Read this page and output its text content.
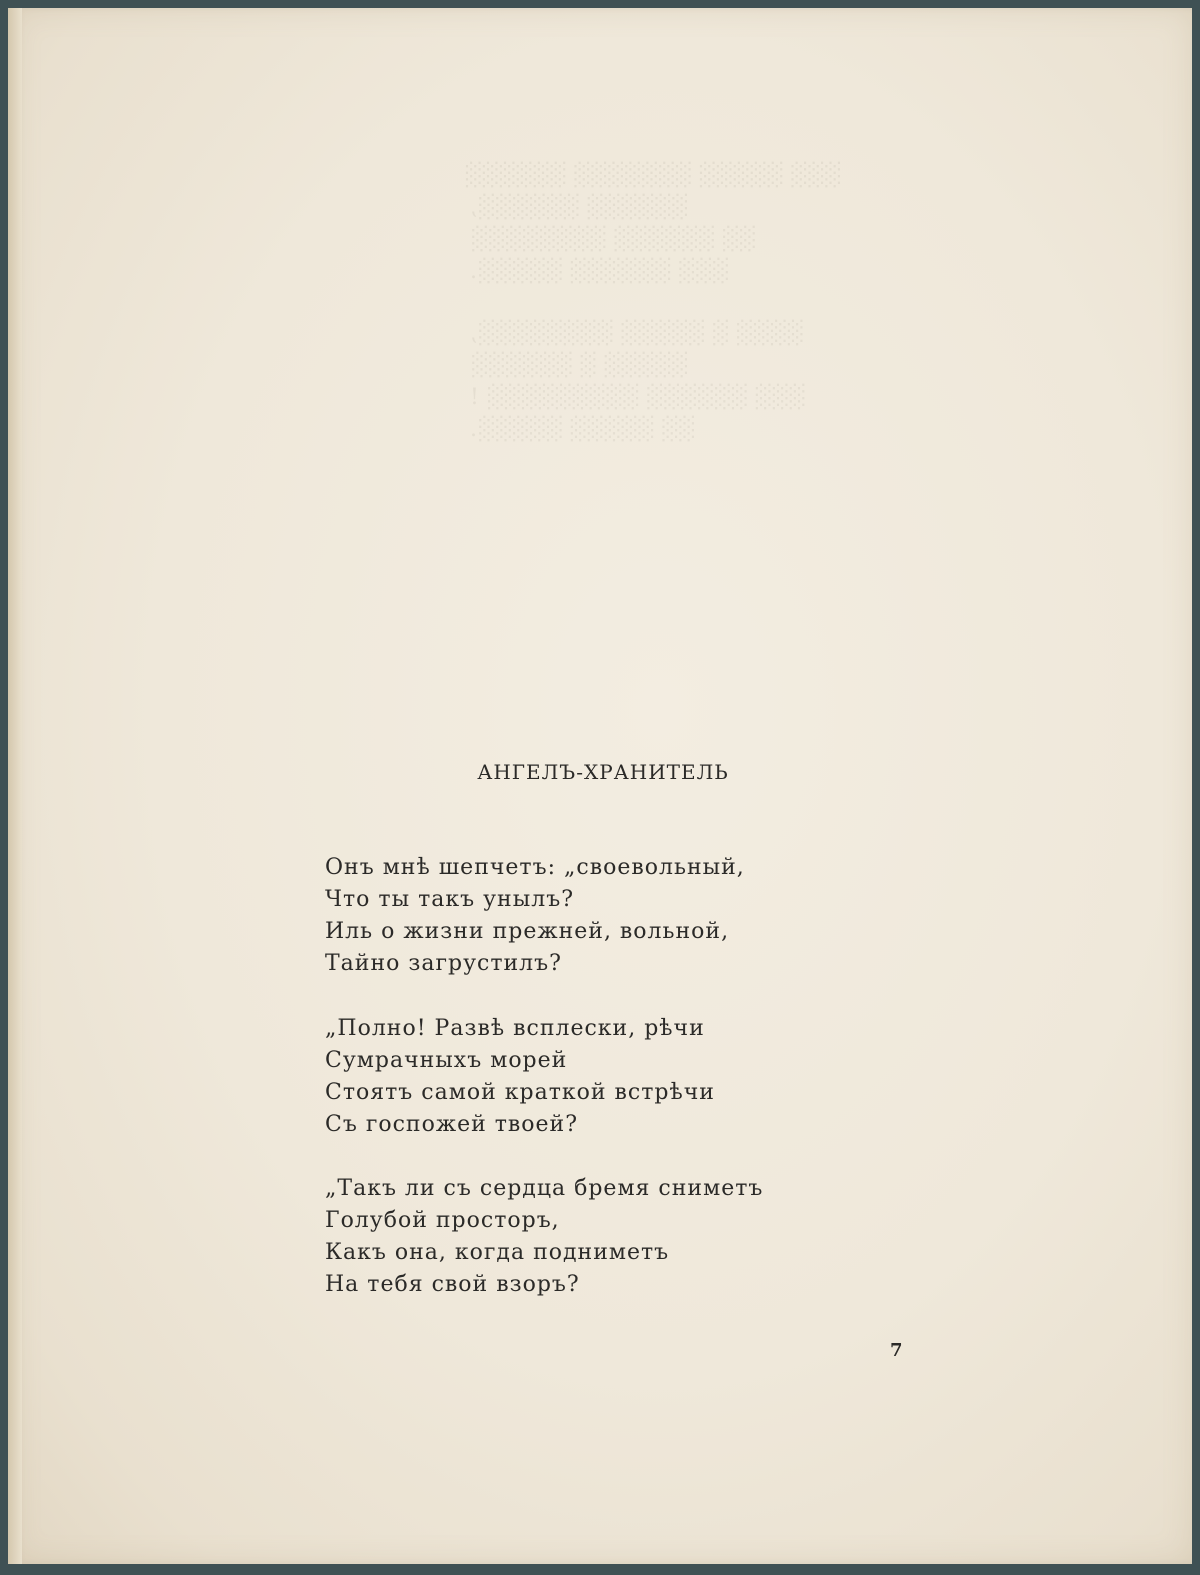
░░░ ░░░░░ ░░░░░░░ ░░░░░░
░░░░░░ ░░░░░░,
░░ ░░░░░░ ░░░░░░░░
░░░ ░░░░░░ ░░░░░.
░░░░ ░ ░░░░░ ░░░░░░░░,
░░░░░ ░ ░░░░░░
░░░ ░░░░░░ ░░░░░░░░░ !
░░ ░░░░░ ░░░░░.
АНГЕЛЪ-ХРАНИТЕЛЬ
Онъ мнѣ шепчетъ: „своевольный,
Что ты такъ унылъ?
Иль о жизни прежней, вольной,
Тайно загрустилъ?
„Полно! Развѣ всплески, рѣчи
Сумрачныхъ морей
Стоятъ самой краткой встрѣчи
Съ госпожей твоей?
„Такъ ли съ сердца бремя сниметъ
Голубой просторъ,
Какъ она, когда подниметъ
На тебя свой взоръ?
7
